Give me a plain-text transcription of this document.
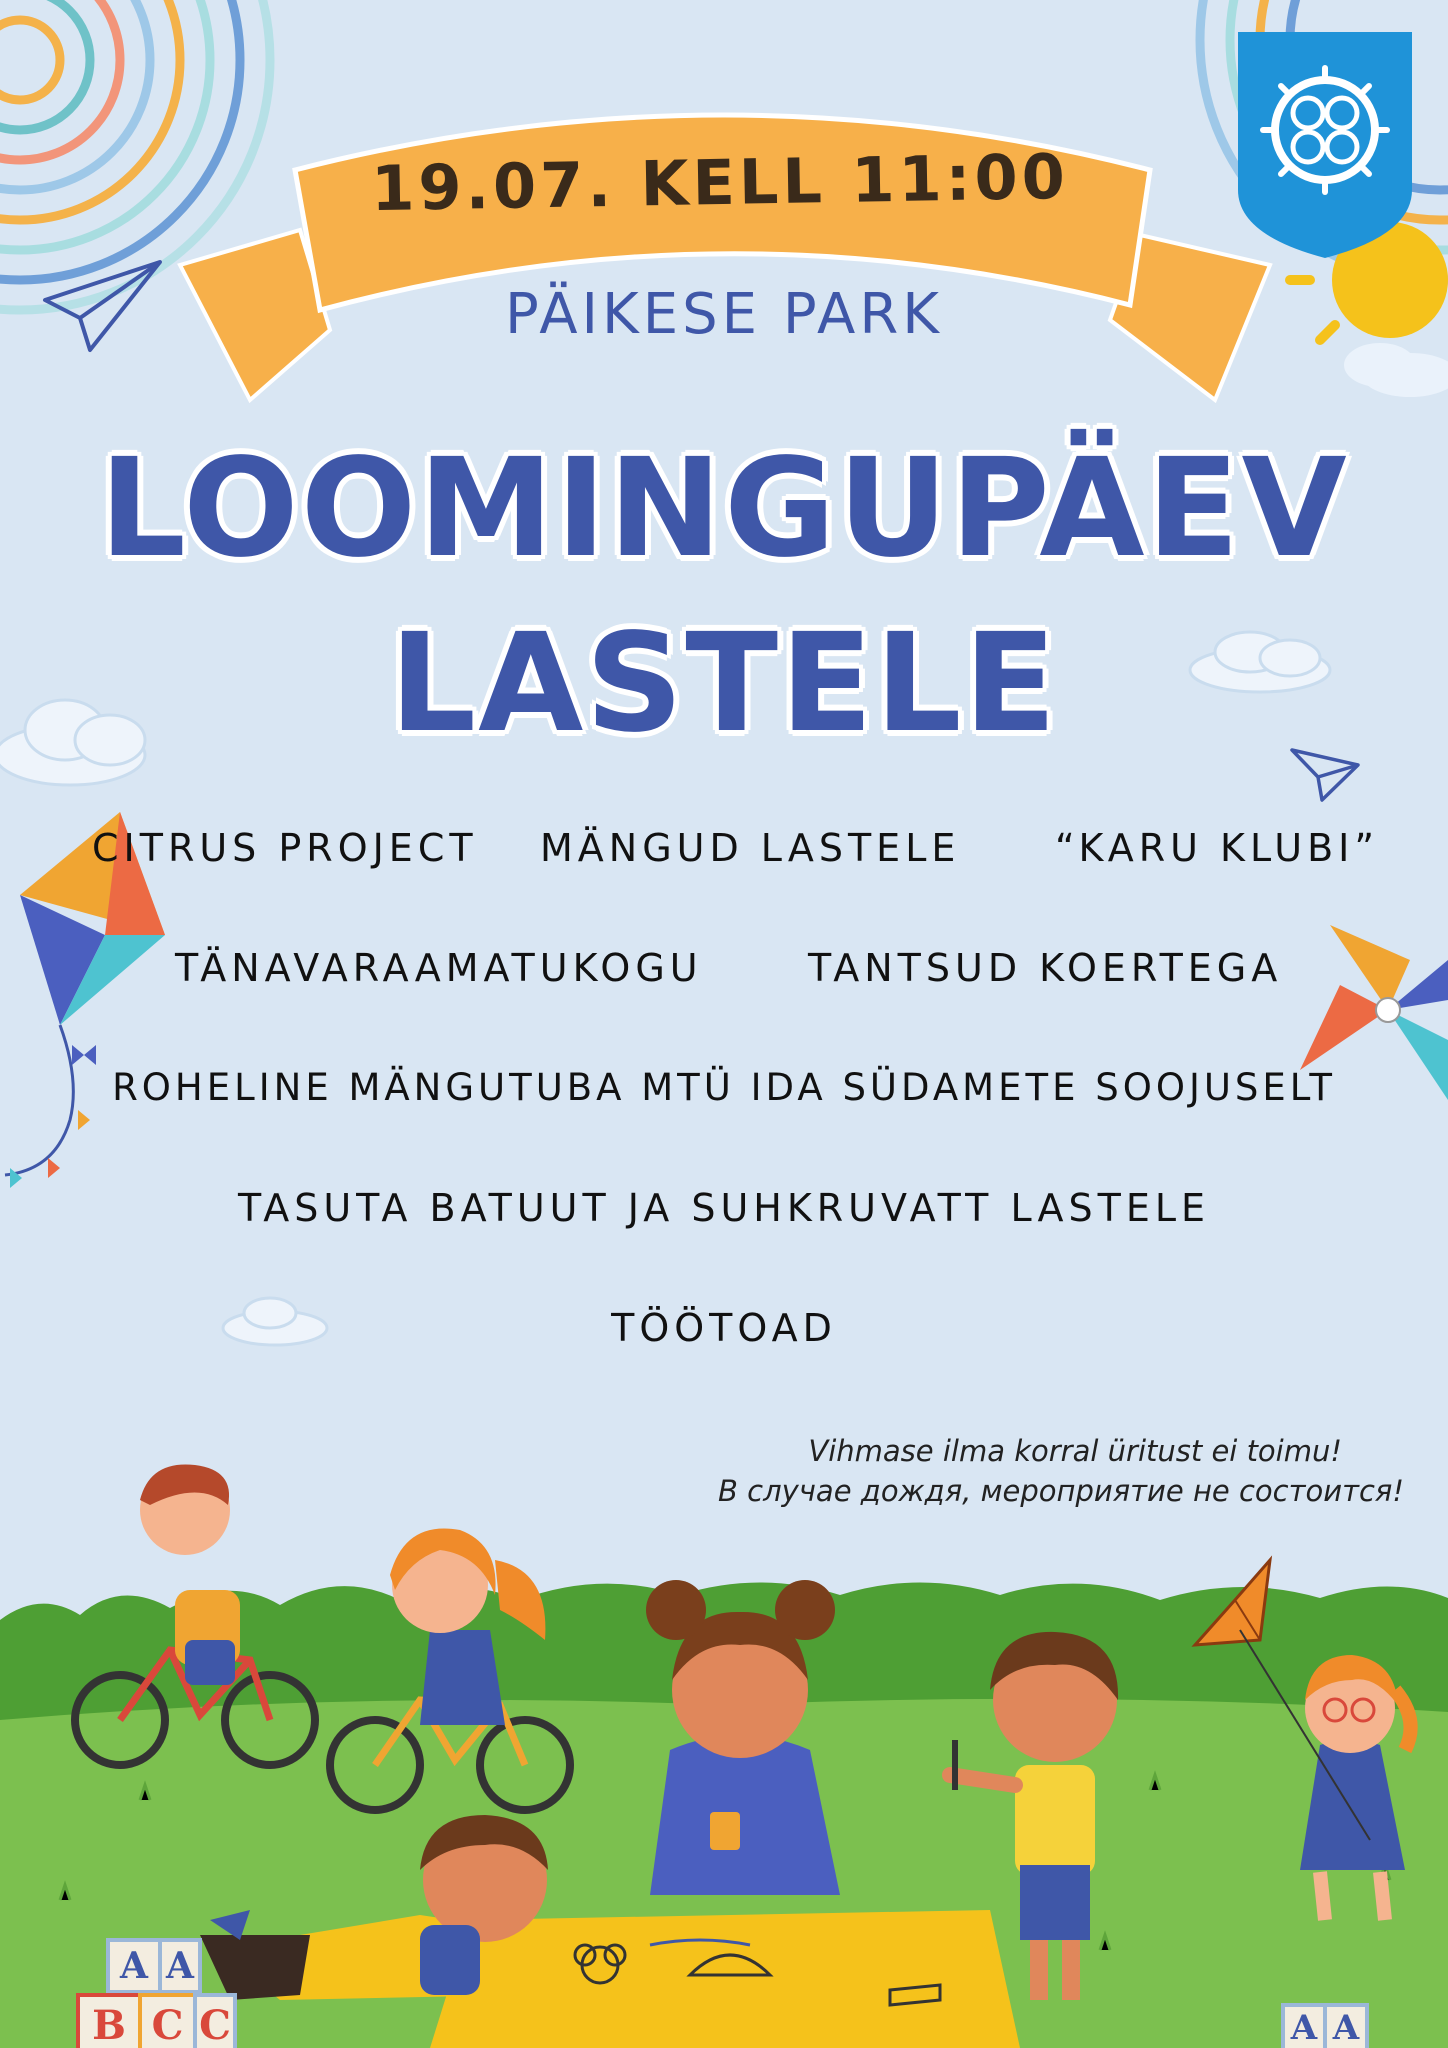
A A
B C C	A A
19.07. KELL 11:00
PÄIKESE PARK
LOOMINGUPÄEV
LASTELE
CITRUS PROJECT MÄNGUD LASTELE “KARU KLUBI”
TÄNAVARAAMATUKOGU	TANTSUD KOERTEGA
ROHELINE MÄNGUTUBA MTÜ IDA SÜDAMETE SOOJUSELT
TASUTA BATUUT JA SUHKRUVATT LASTELE
TÖÖTOAD
Vihmase ilma korral üritust ei toimu!
В случае дождя, мероприятие не состоится!
